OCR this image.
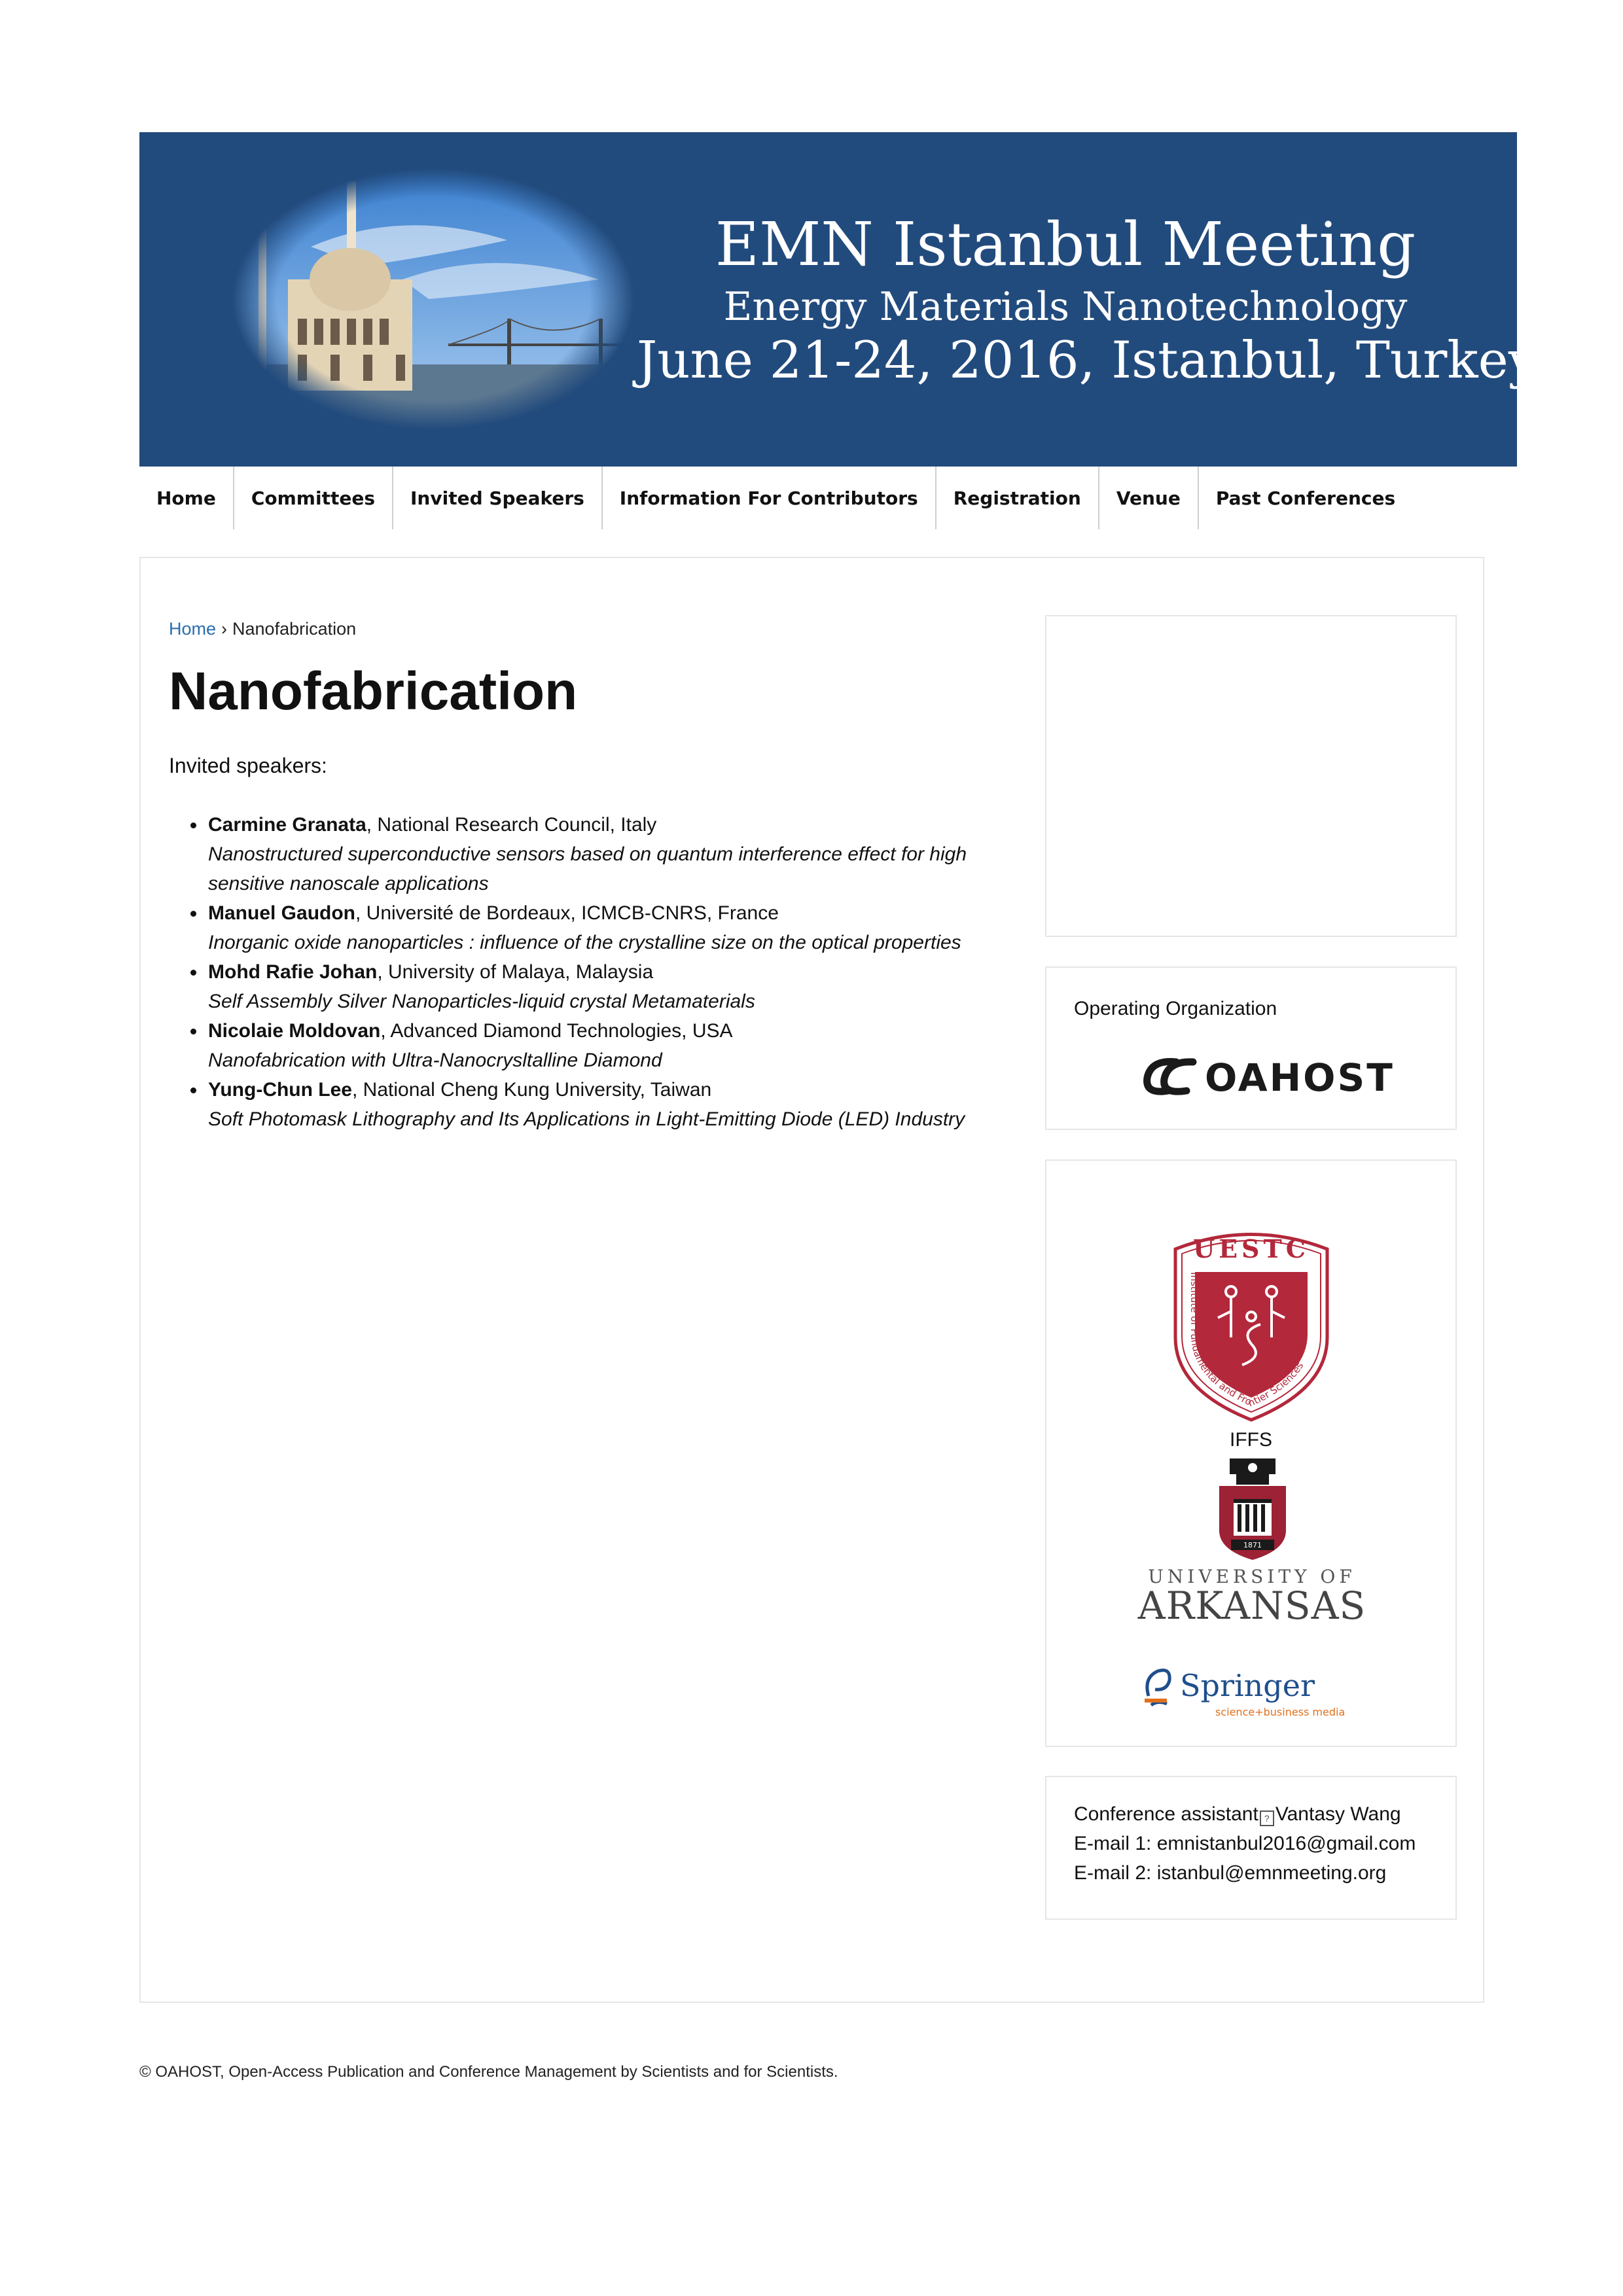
EMN Istanbul Meeting
Energy Materials Nanotechnology
June 21-24, 2016, Istanbul, Turkey
Home	Committees	Invited Speakers	Information For Contributors	Registration	Venue	Past Conferences
Home › Nanofabrication
Nanofabrication
Invited speakers:
Carmine Granata, National Research Council, Italy
Nanostructured superconductive sensors based on quantum interference effect for high sensitive nanoscale applications
Manuel Gaudon, Université de Bordeaux, ICMCB-CNRS, France
Inorganic oxide nanoparticles : influence of the crystalline size on the optical properties
Mohd Rafie Johan, University of Malaya, Malaysia
Self Assembly Silver Nanoparticles-liquid crystal Metamaterials
Nicolaie Moldovan, Advanced Diamond Technologies, USA
Nanofabrication with Ultra-Nanocrysltalline Diamond
Yung-Chun Lee, National Cheng Kung University, Taiwan
Soft Photomask Lithography and Its Applications in Light-Emitting Diode (LED) Industry
Operating Organization
OAHOST
UESTC
Institute of Fundamental and Frontier Sciences
IFFS
1871
UNIVERSITY OF
ARKANSAS
Springer
science+business media
Conference assistant ? Vantasy Wang
E-mail 1: emnistanbul2016@gmail.com
E-mail 2: istanbul@emnmeeting.org
© OAHOST, Open-Access Publication and Conference Management by Scientists and for Scientists.
